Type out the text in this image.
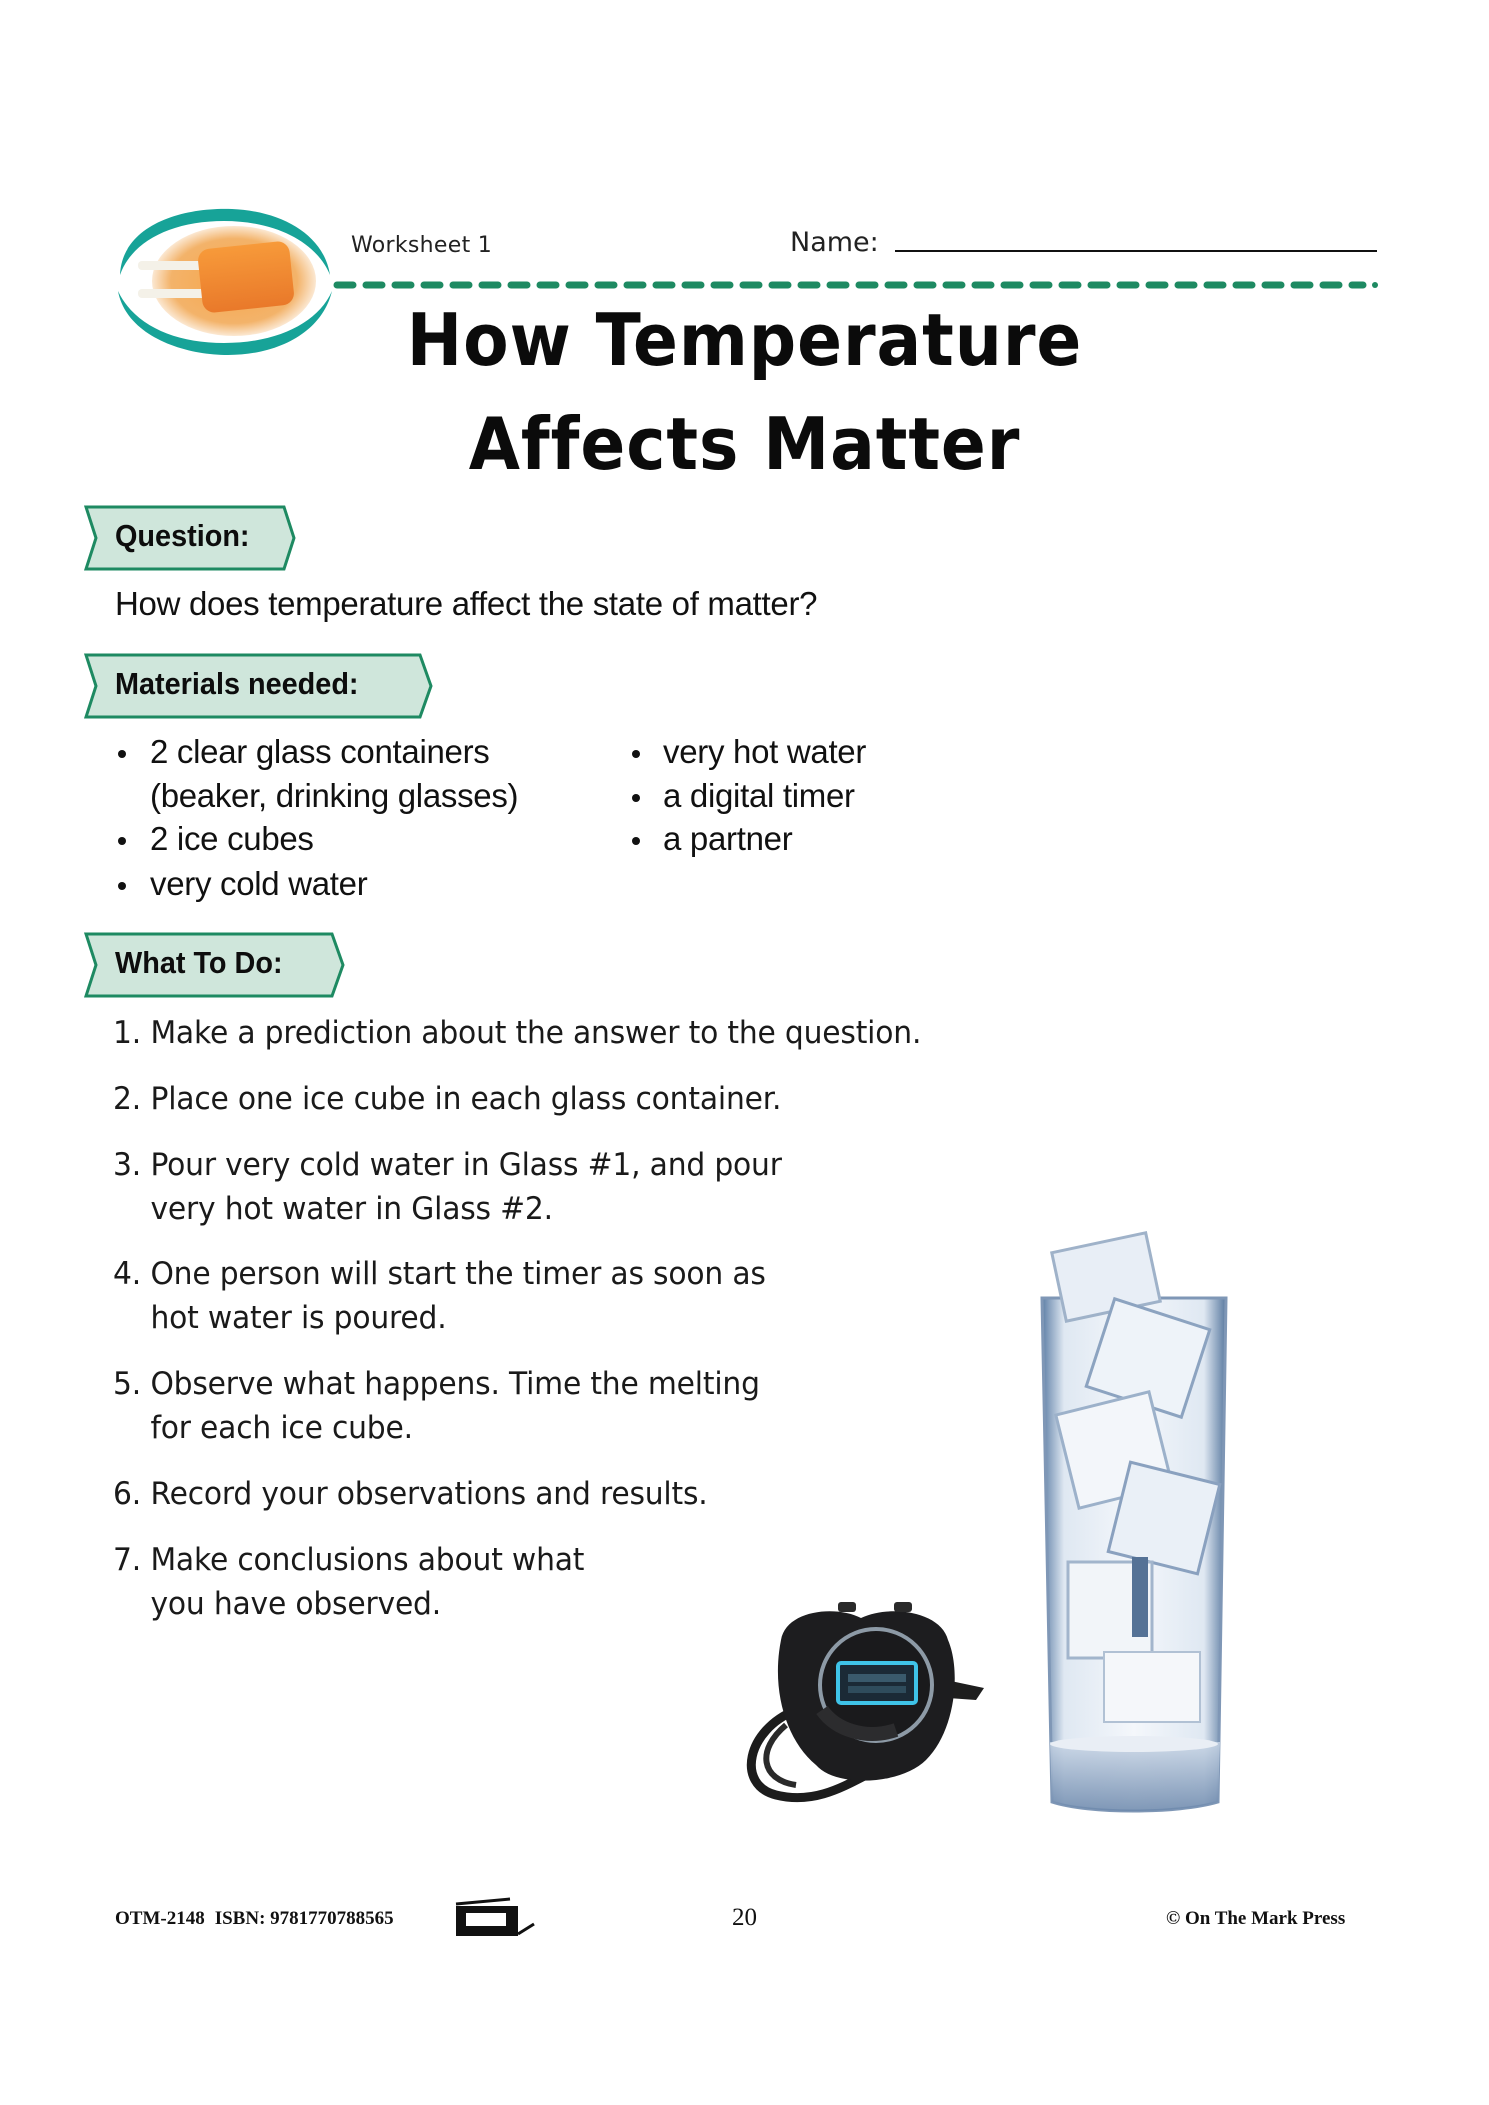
Worksheet 1	Name:
How Temperature
Affects Matter
Question:
How does temperature affect the state of matter?
Materials needed:
2 clear glass containers
(beaker, drinking glasses)
2 ice cubes
very cold water
very hot water
a digital timer
a partner
What To Do:
1. Make a prediction about the answer to the question.
2. Place one ice cube in each glass container.
3. Pour very cold water in Glass #1, and pour
very hot water in Glass #2.
4. One person will start the timer as soon as
hot water is poured.
5. Observe what happens. Time the melting
for each ice cube.
6. Record your observations and results.
7. Make conclusions about what
you have observed.
OTM-2148 ISBN: 9781770788565	20	© On The Mark Press
